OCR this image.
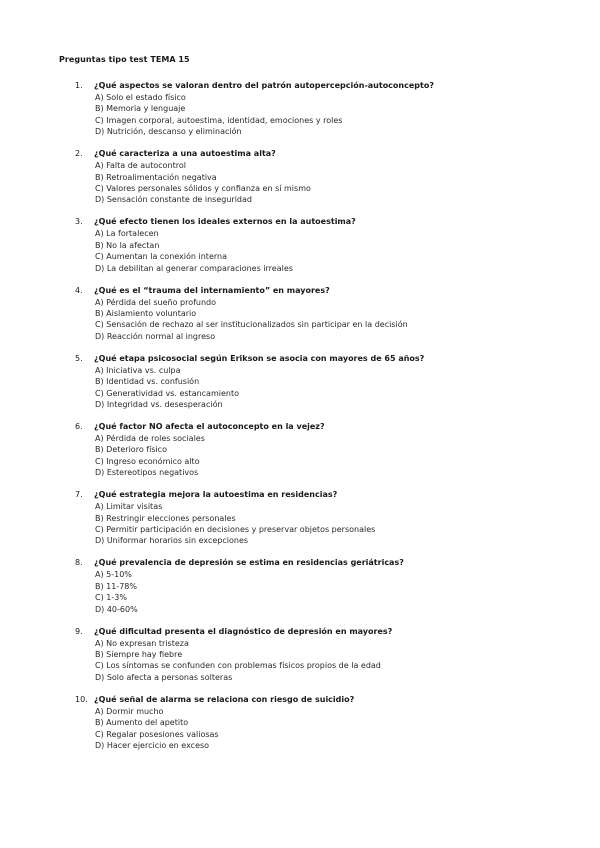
Preguntas tipo test TEMA 15
1.	¿Qué aspectos se valoran dentro del patrón autopercepción-autoconcepto?
A) Solo el estado físico
B) Memoria y lenguaje
C) Imagen corporal, autoestima, identidad, emociones y roles
D) Nutrición, descanso y eliminación
2.	¿Qué caracteriza a una autoestima alta?
A) Falta de autocontrol
B) Retroalimentación negativa
C) Valores personales sólidos y confianza en sí mismo
D) Sensación constante de inseguridad
3.	¿Qué efecto tienen los ideales externos en la autoestima?
A) La fortalecen
B) No la afectan
C) Aumentan la conexión interna
D) La debilitan al generar comparaciones irreales
4.	¿Qué es el “trauma del internamiento” en mayores?
A) Pérdida del sueño profundo
B) Aislamiento voluntario
C) Sensación de rechazo al ser institucionalizados sin participar en la decisión
D) Reacción normal al ingreso
5.	¿Qué etapa psicosocial según Erikson se asocia con mayores de 65 años?
A) Iniciativa vs. culpa
B) Identidad vs. confusión
C) Generatividad vs. estancamiento
D) Integridad vs. desesperación
6.	¿Qué factor NO afecta el autoconcepto en la vejez?
A) Pérdida de roles sociales
B) Deterioro físico
C) Ingreso económico alto
D) Estereotipos negativos
7.	¿Qué estrategia mejora la autoestima en residencias?
A) Limitar visitas
B) Restringir elecciones personales
C) Permitir participación en decisiones y preservar objetos personales
D) Uniformar horarios sin excepciones
8.	¿Qué prevalencia de depresión se estima en residencias geriátricas?
A) 5-10%
B) 11-78%
C) 1-3%
D) 40-60%
9.	¿Qué dificultad presenta el diagnóstico de depresión en mayores?
A) No expresan tristeza
B) Siempre hay fiebre
C) Los síntomas se confunden con problemas físicos propios de la edad
D) Solo afecta a personas solteras
10. ¿Qué señal de alarma se relaciona con riesgo de suicidio?
A) Dormir mucho
B) Aumento del apetito
C) Regalar posesiones valiosas
D) Hacer ejercicio en exceso
